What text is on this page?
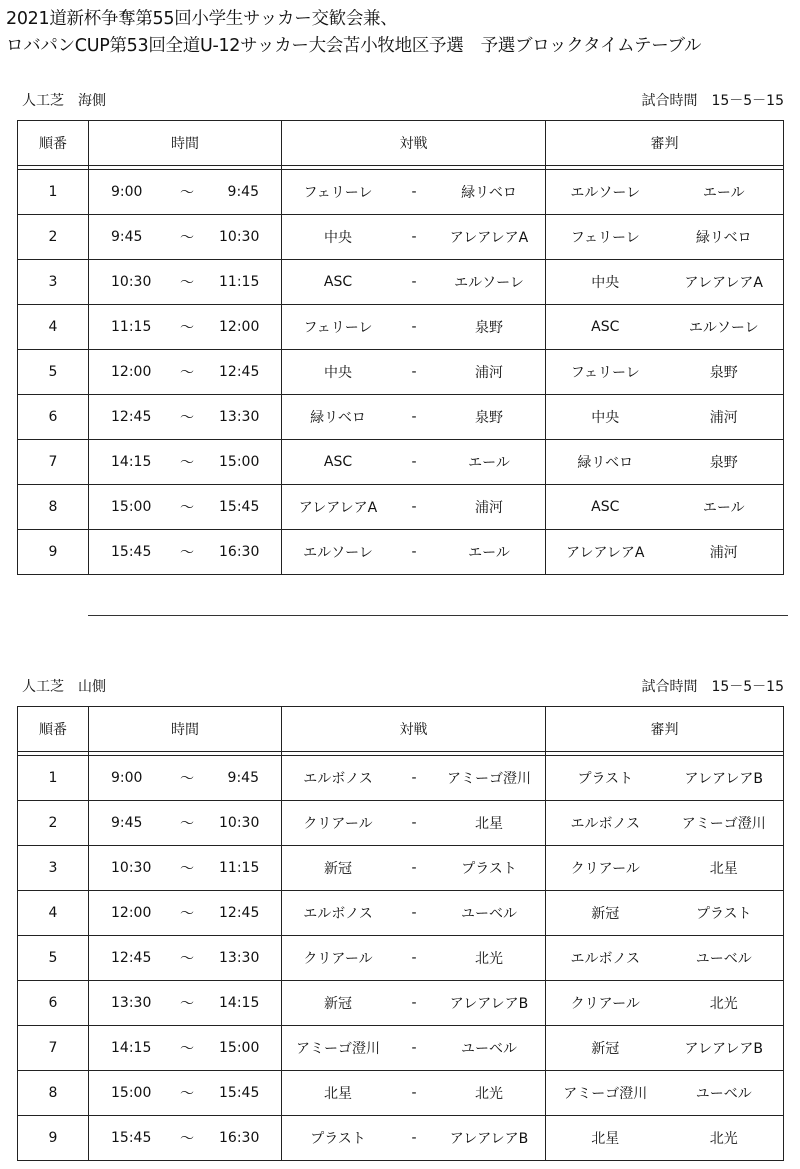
2021道新杯争奪第55回小学生サッカー交歓会兼、
ロバパンCUP第53回全道U-12サッカー大会苫小牧地区予選　予選ブロックタイムテーブル
人工芝　海側	試合時間　15－5－15
順番	時間	対戦	審判

1	9:00 ～ 9:45	フェリーレ - 緑リベロ	エルソーレ エール

2	9:45 ～ 10:30	中央 - アレアレアA	フェリーレ 緑リベロ

3	10:30 ～ 11:15	ASC - エルソーレ	中央 アレアレアA

4	11:15 ～ 12:00	フェリーレ - 泉野	ASC エルソーレ

5	12:00 ～ 12:45	中央 - 浦河	フェリーレ 泉野

6	12:45 ～ 13:30	緑リベロ - 泉野	中央 浦河

7	14:15 ～ 15:00	ASC - エール	緑リベロ 泉野

8	15:00 ～ 15:45	アレアレアA - 浦河	ASC エール

9	15:45 ～ 16:30	エルソーレ - エール	アレアレアA 浦河
人工芝　山側	試合時間　15－5－15
順番	時間	対戦	審判

1	9:00 ～ 9:45	エルボノス - アミーゴ澄川	プラスト アレアレアB

2	9:45 ～ 10:30	クリアール - 北星	エルボノス アミーゴ澄川

3	10:30 ～ 11:15	新冠 - プラスト	クリアール 北星

4	12:00 ～ 12:45	エルボノス - ユーベル	新冠 プラスト

5	12:45 ～ 13:30	クリアール - 北光	エルボノス ユーベル

6	13:30 ～ 14:15	新冠 - アレアレアB	クリアール 北光

7	14:15 ～ 15:00	アミーゴ澄川 - ユーベル	新冠 アレアレアB

8	15:00 ～ 15:45	北星 - 北光	アミーゴ澄川 ユーベル

9	15:45 ～ 16:30	プラスト - アレアレアB	北星 北光
